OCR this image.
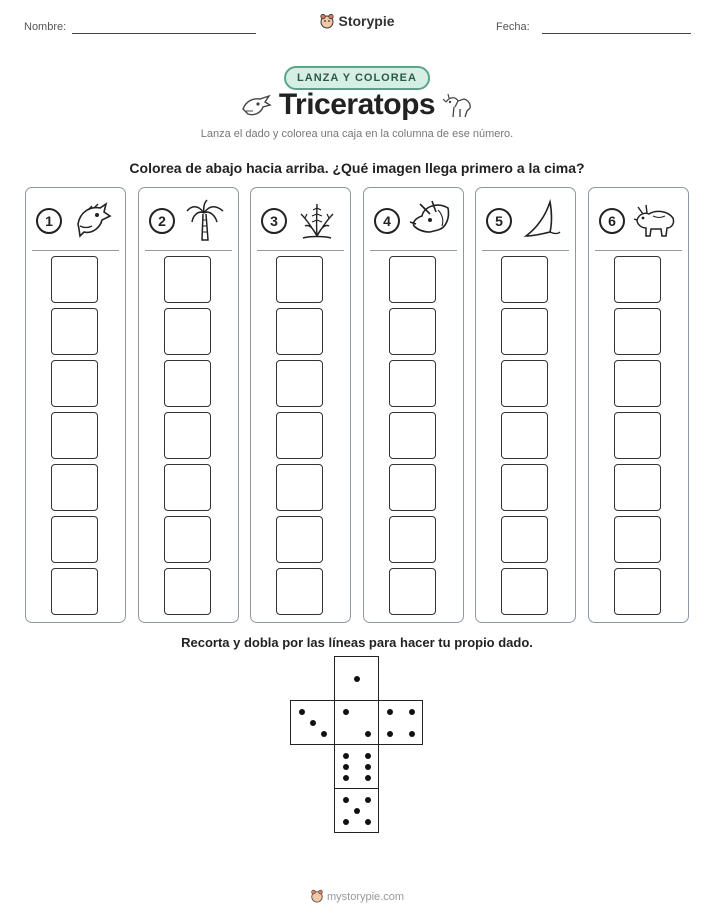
Nombre:	Storypie	Fecha:
LANZA Y COLOREA
Triceratops
Lanza el dado y colorea una caja en la columna de ese número.
Colorea de abajo hacia arriba. ¿Qué imagen llega primero a la cima?
1	2	3	4	5	6
Recorta y dobla por las líneas para hacer tu propio dado.
mystorypie.com
